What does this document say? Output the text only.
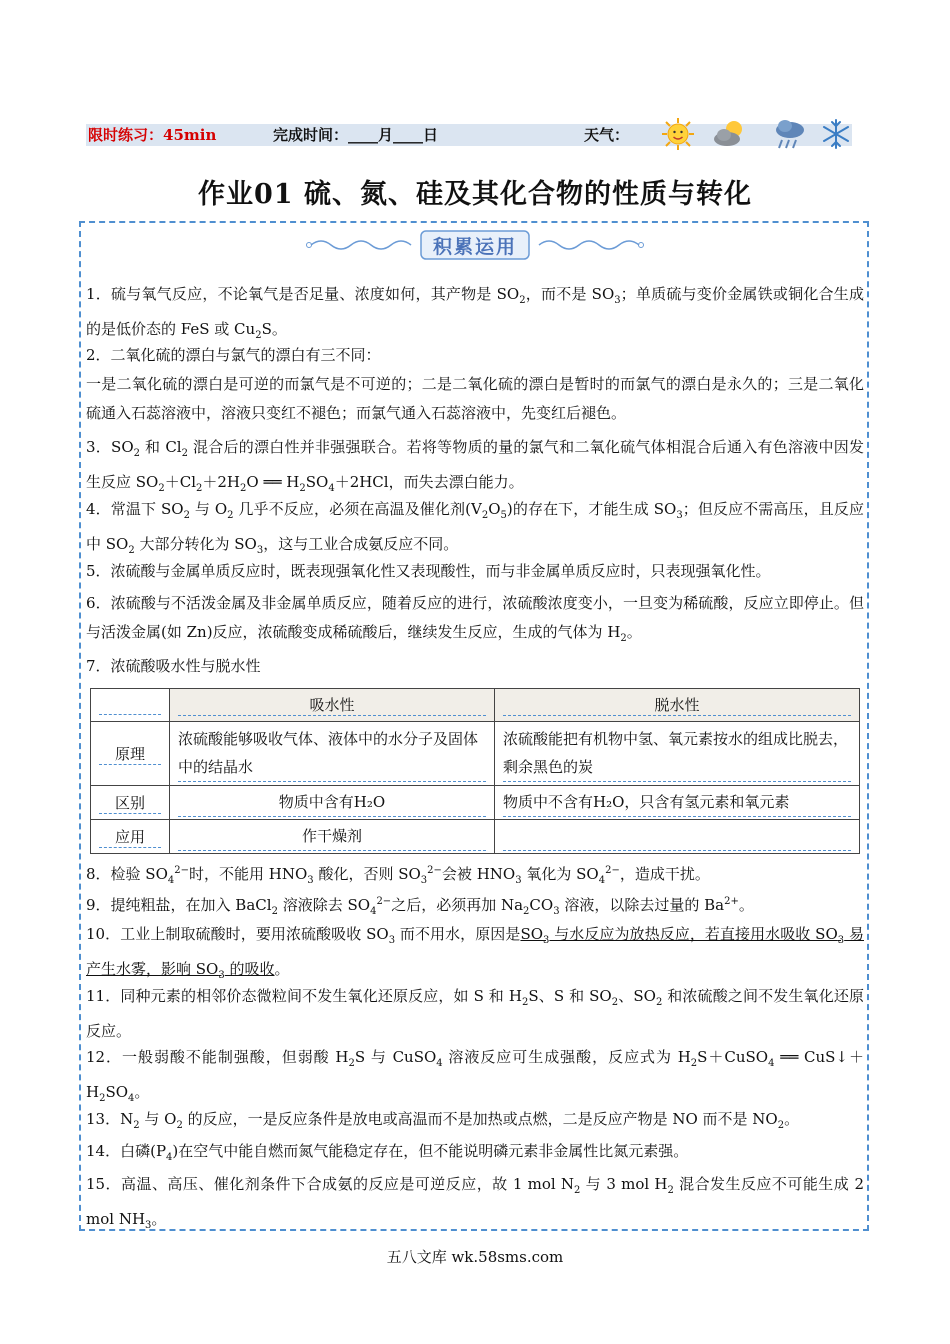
限时练习：45min	完成时间：____月____日	天气：
作业01 硫、氮、硅及其化合物的性质与转化
积累运用

1．硫与氧气反应，不论氧气是否足量、浓度如何，其产物是 $SO_2$，而不是 $SO_3$；单质硫与变价金属铁或铜化合生成的是低价态的 FeS 或 $Cu_2S$。

2．二氧化硫的漂白与氯气的漂白有三不同：
一是二氧化硫的漂白是可逆的而氯气是不可逆的；二是二氧化硫的漂白是暂时的而氯气的漂白是永久的；三是二氧化硫通入石蕊溶液中，溶液只变红不褪色；而氯气通入石蕊溶液中，先变红后褪色。

3．$SO_2$ 和 $Cl_2$ 混合后的漂白性并非强强联合。若将等物质的量的氯气和二氧化硫气体相混合后通入有色溶液中因发生反应 $SO_2+Cl_2+2H_2O$ ══ $H_2SO_4+2HCl$，而失去漂白能力。

4．常温下 $SO_2$ 与 $O_2$ 几乎不反应，必须在高温及催化剂$(V_2O_5)$的存在下，才能生成 $SO_3$；但反应不需高压，且反应中 $SO_2$ 大部分转化为 $SO_3$，这与工业合成氨反应不同。

5．浓硫酸与金属单质反应时，既表现强氧化性又表现酸性，而与非金属单质反应时，只表现强氧化性。

6．浓硫酸与不活泼金属及非金属单质反应，随着反应的进行，浓硫酸浓度变小，一旦变为稀硫酸，反应立即停止。但与活泼金属(如 Zn)反应，浓硫酸变成稀硫酸后，继续发生反应，生成的气体为 $H_2$。

7．浓硫酸吸水性与脱水性

	吸水性	脱水性

原理	浓硫酸能够吸收气体、液体中的水分子及固体中的结晶水	浓硫酸能把有机物中氢、氧元素按水的组成比脱去，剩余黑色的炭

区别	物质中含有H₂O	物质中不含有H₂O，只含有氢元素和氧元素

应用	作干燥剂	

8．检验 $SO_4^{2-}$时，不能用 $HNO_3$ 酸化，否则 $SO_3^{2-}$会被 $HNO_3$ 氧化为 $SO_4^{2-}$，造成干扰。

9．提纯粗盐，在加入 BaCl$_2$ 溶液除去 $SO_4^{2-}$之后，必须再加 $Na_2CO_3$ 溶液，以除去过量的 $Ba^{2+}$。

10．工业上制取硫酸时，要用浓硫酸吸收 $SO_3$ 而不用水，原因是$SO_3$ 与水反应为放热反应，若直接用水吸收 $SO_3$ 易产生水雾，影响 $SO_3$ 的吸收。

11．同种元素的相邻价态微粒间不发生氧化还原反应，如 S 和 $H_2S$、S 和 $SO_2$、$SO_2$ 和浓硫酸之间不发生氧化还原反应。

12．一般弱酸不能制强酸，但弱酸 $H_2S$ 与 CuSO$_4$ 溶液反应可生成强酸，反应式为 $H_2S+CuSO_4$ ══ $CuS↓+H_2SO_4$。

13．$N_2$ 与 $O_2$ 的反应，一是反应条件是放电或高温而不是加热或点燃，二是反应产物是 NO 而不是 $NO_2$。

14．白磷$(P_4)$在空气中能自燃而氮气能稳定存在，但不能说明磷元素非金属性比氮元素强。

15．高温、高压、催化剂条件下合成氨的反应是可逆反应，故 1 mol $N_2$ 与 3 mol $H_2$ 混合发生反应不可能生成 2 mol $NH_3$。

五八文库 wk.58sms.com
